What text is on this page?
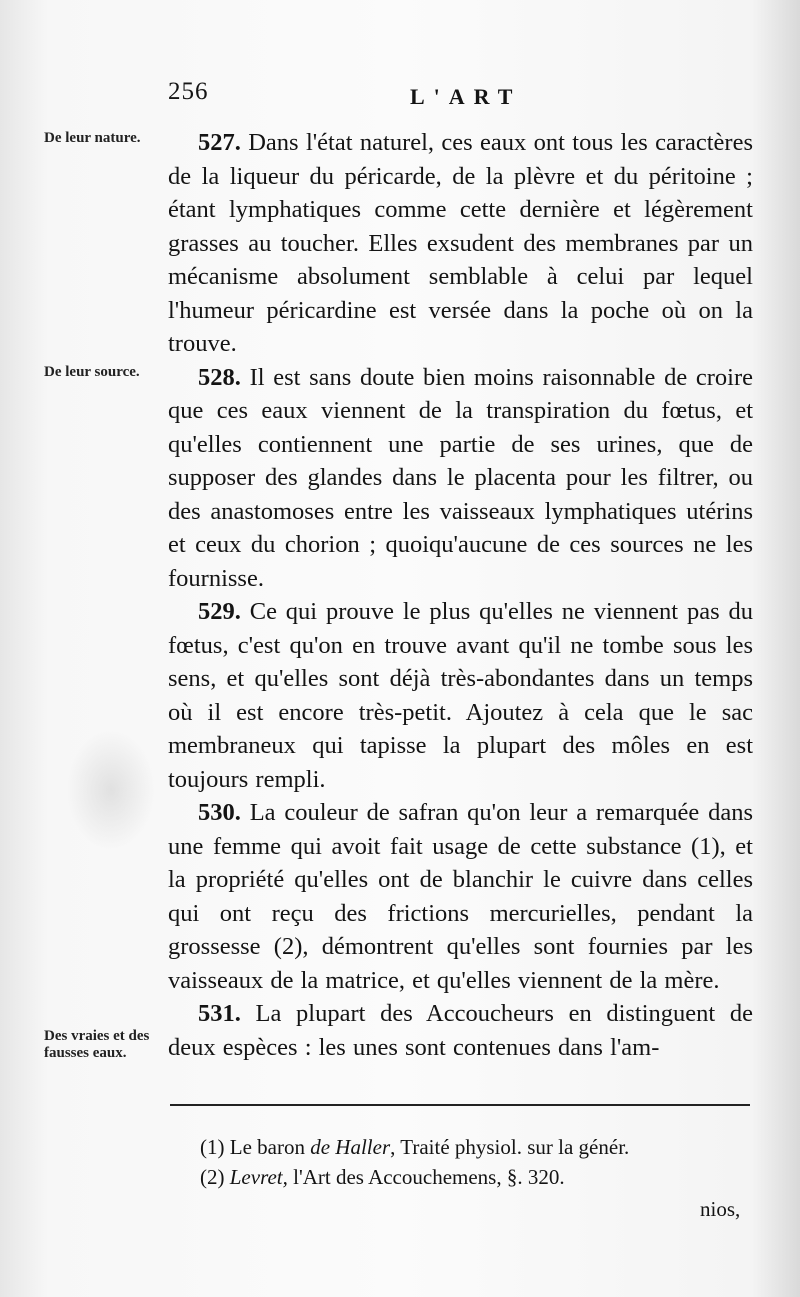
256	L'ART
De leur nature.
De leur source.
Des vraies et des fausses eaux.

527. Dans l'état naturel, ces eaux ont tous les caractères de la liqueur du péricarde, de la plèvre et du péritoine ; étant lymphatiques comme cette dernière et légèrement grasses au toucher. Elles exsudent des membranes par un mécanisme absolument semblable à celui par lequel l'humeur péricardine est versée dans la poche où on la trouve.

528. Il est sans doute bien moins raisonnable de croire que ces eaux viennent de la transpiration du fœtus, et qu'elles contiennent une partie de ses urines, que de supposer des glandes dans le placenta pour les filtrer, ou des anastomoses entre les vaisseaux lymphatiques utérins et ceux du chorion ; quoiqu'aucune de ces sources ne les fournisse.

529. Ce qui prouve le plus qu'elles ne viennent pas du fœtus, c'est qu'on en trouve avant qu'il ne tombe sous les sens, et qu'elles sont déjà très-abondantes dans un temps où il est encore très-petit. Ajoutez à cela que le sac membraneux qui tapisse la plupart des môles en est toujours rempli.

530. La couleur de safran qu'on leur a remarquée dans une femme qui avoit fait usage de cette substance (1), et la propriété qu'elles ont de blanchir le cuivre dans celles qui ont reçu des frictions mercurielles, pendant la grossesse (2), démontrent qu'elles sont fournies par les vaisseaux de la matrice, et qu'elles viennent de la mère.

531. La plupart des Accoucheurs en distinguent de deux espèces : les unes sont contenues dans l'am-

(1) Le baron de Haller, Traité physiol. sur la génér.

(2) Levret, l'Art des Accouchemens, §. 320.

nios,
